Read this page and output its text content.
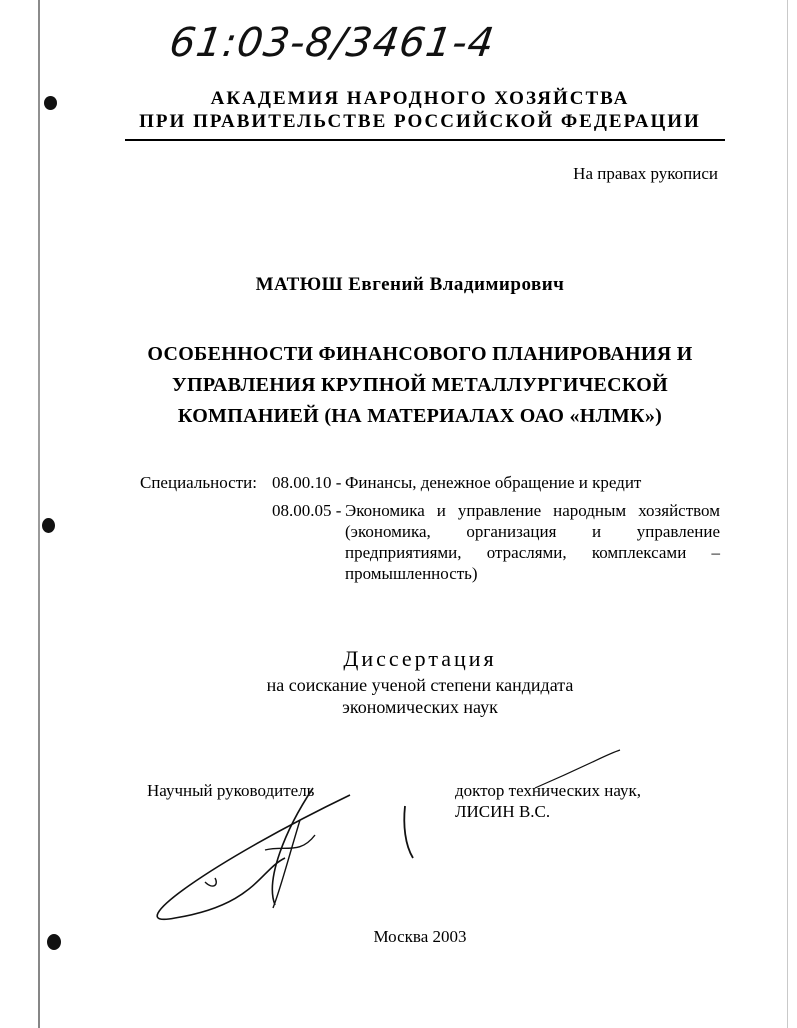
61:03-8/3461-4
АКАДЕМИЯ НАРОДНОГО ХОЗЯЙСТВА
ПРИ ПРАВИТЕЛЬСТВЕ РОССИЙСКОЙ ФЕДЕРАЦИИ
На правах рукописи
МАТЮШ Евгений Владимирович
ОСОБЕННОСТИ ФИНАНСОВОГО ПЛАНИРОВАНИЯ И
УПРАВЛЕНИЯ КРУПНОЙ МЕТАЛЛУРГИЧЕСКОЙ
КОМПАНИЕЙ (НА МАТЕРИАЛАХ ОАО «НЛМК»)
Специальности: 08.00.10 - Финансы, денежное обращение и кредит
08.00.05 - Экономика и управление народным хозяйством
(экономика, организация и управление
предприятиями, отраслями, комплексами –
промышленность)
Диссертация
на соискание ученой степени кандидата
экономических наук
Научный руководитель	доктор технических наук,
ЛИСИН В.С.
Москва 2003
